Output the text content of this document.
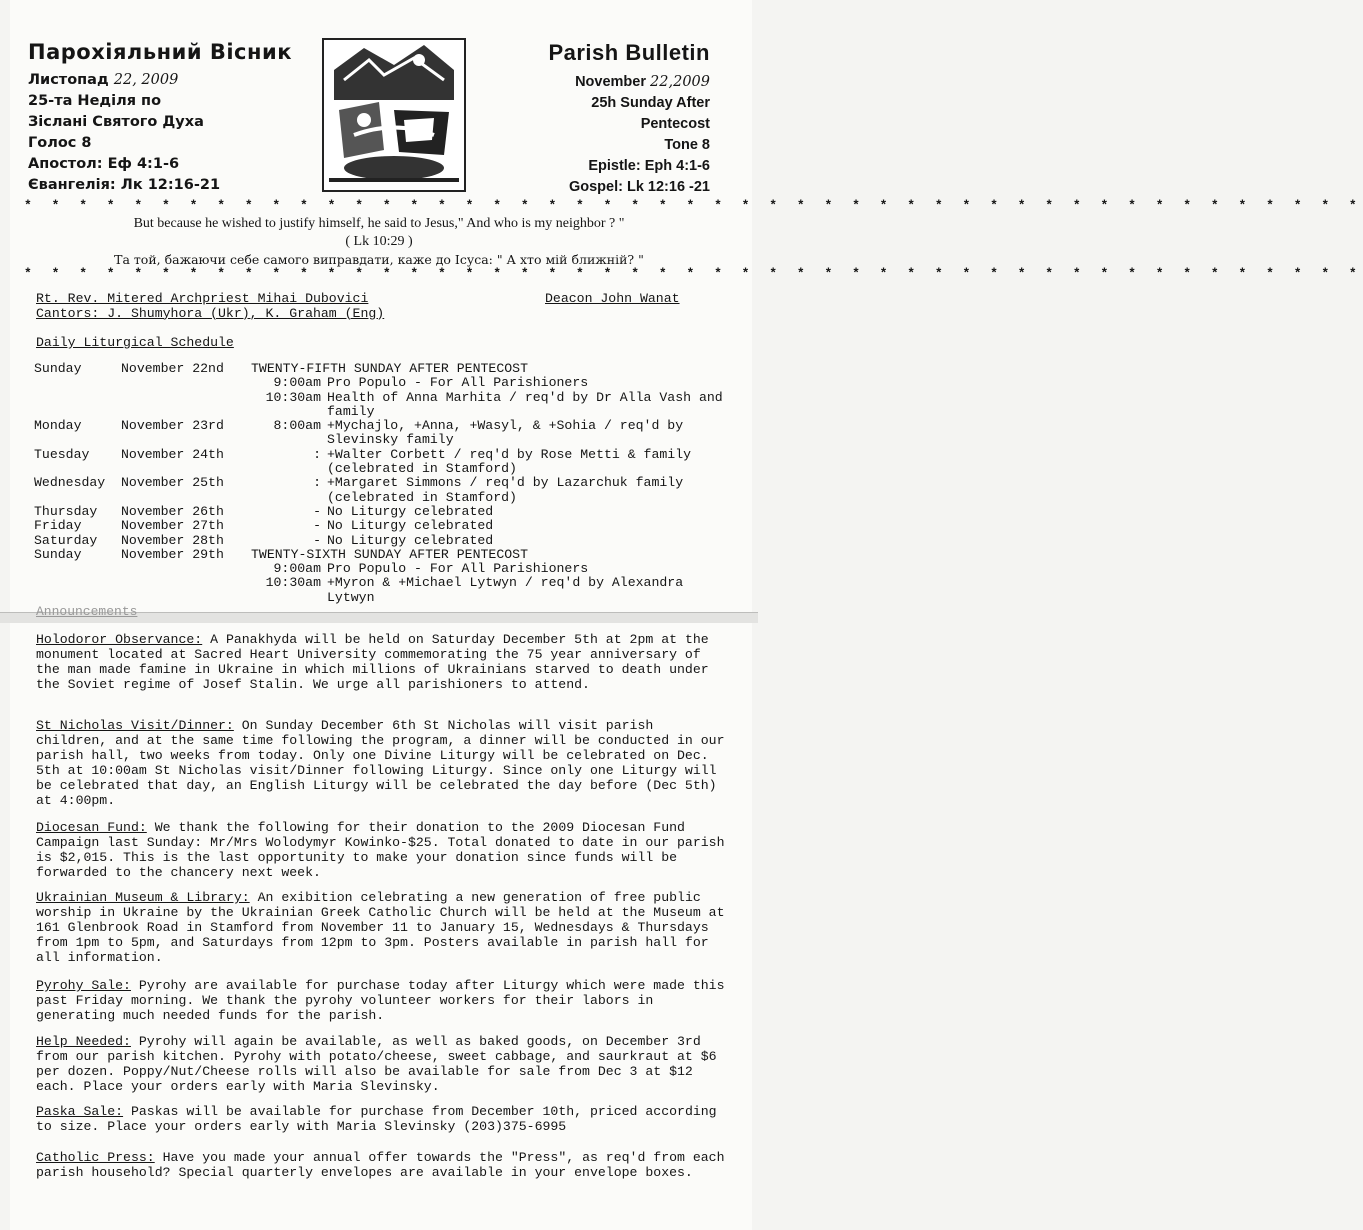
Парохіяльний Вісник
Листопад 22, 2009
25-та Неділя по
Зіслані Святого Духа
Голос 8
Апостол: Еф 4:1-6
Євангелія: Лк 12:16-21
Parish Bulletin
November 22,2009
25h Sunday After
Pentecost
Tone 8
Epistle: Eph 4:1-6
Gospel: Lk 12:16 -21
* * * * * * * * * * * * * * * * * * * * * * * * * * * * * * * * * * * * * * * * * * * * * * * * *
But because he wished to justify himself, he said to Jesus," And who is my neighbor ? "
( Lk 10:29 )
Та той, бажаючи себе самого виправдати, каже до Ісуса: " А хто мій ближній? "
* * * * * * * * * * * * * * * * * * * * * * * * * * * * * * * * * * * * * * * * * * * * * * * * *
Rt. Rev. Mitered Archpriest Mihai Dubovici
Cantors: J. Shumyhora (Ukr), K. Graham (Eng)
Deacon John Wanat
Daily Liturgical Schedule
Sunday	November 22nd	TWENTY-FIFTH SUNDAY AFTER PENTECOST	
		9:00am	Pro Populo - For All Parishioners
		10:30am	Health of Anna Marhita / req'd by Dr Alla Vash and family
Monday	November 23rd	8:00am	+Mychajlo, +Anna, +Wasyl, & +Sohia / req'd by Slevinsky family
Tuesday	November 24th	:	+Walter Corbett / req'd by Rose Metti & family (celebrated in Stamford)
Wednesday	November 25th	:	+Margaret Simmons / req'd by Lazarchuk family (celebrated in Stamford)
Thursday	November 26th	-	No Liturgy celebrated
Friday	November 27th	-	No Liturgy celebrated
Saturday	November 28th	-	No Liturgy celebrated
Sunday	November 29th	TWENTY-SIXTH SUNDAY AFTER PENTECOST	
		9:00am	Pro Populo - For All Parishioners
		10:30am	+Myron & +Michael Lytwyn / req'd by Alexandra Lytwyn
Announcements
Holodoror Observance: A Panakhyda will be held on Saturday December 5th at 2pm at the monument located at Sacred Heart University commemorating the 75 year anniversary of the man made famine in Ukraine in which millions of Ukrainians starved to death under the Soviet regime of Josef Stalin. We urge all parishioners to attend.
St Nicholas Visit/Dinner: On Sunday December 6th St Nicholas will visit parish children, and at the same time following the program, a dinner will be conducted in our parish hall, two weeks from today. Only one Divine Liturgy will be celebrated on Dec. 5th at 10:00am St Nicholas visit/Dinner following Liturgy. Since only one Liturgy will be celebrated that day, an English Liturgy will be celebrated the day before (Dec 5th) at 4:00pm.
Diocesan Fund: We thank the following for their donation to the 2009 Diocesan Fund Campaign last Sunday: Mr/Mrs Wolodymyr Kowinko-$25. Total donated to date in our parish is $2,015. This is the last opportunity to make your donation since funds will be forwarded to the chancery next week.
Ukrainian Museum & Library: An exibition celebrating a new generation of free public worship in Ukraine by the Ukrainian Greek Catholic Church will be held at the Museum at 161 Glenbrook Road in Stamford from November 11 to January 15, Wednesdays & Thursdays from 1pm to 5pm, and Saturdays from 12pm to 3pm. Posters available in parish hall for all information.
Pyrohy Sale: Pyrohy are available for purchase today after Liturgy which were made this past Friday morning. We thank the pyrohy volunteer workers for their labors in generating much needed funds for the parish.
Help Needed: Pyrohy will again be available, as well as baked goods, on December 3rd from our parish kitchen. Pyrohy with potato/cheese, sweet cabbage, and saurkraut at $6 per dozen. Poppy/Nut/Cheese rolls will also be available for sale from Dec 3 at $12 each. Place your orders early with Maria Slevinsky.
Paska Sale: Paskas will be available for purchase from December 10th, priced according to size. Place your orders early with Maria Slevinsky (203)375-6995
Catholic Press: Have you made your annual offer towards the "Press", as req'd from each parish household? Special quarterly envelopes are available in your envelope boxes.
